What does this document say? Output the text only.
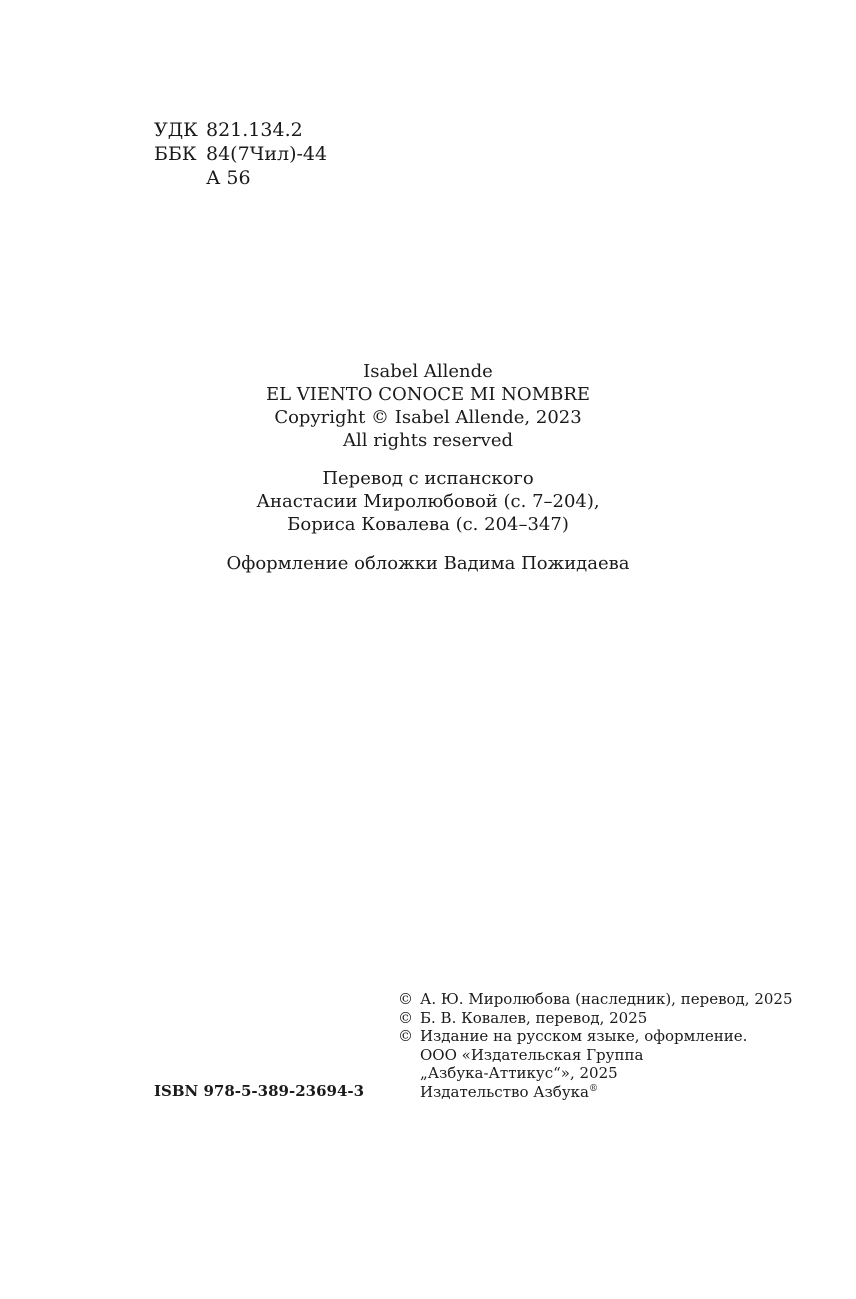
УДК 821.134.2
ББК 84(7Чил)-44
А 56
Isabel Allende
EL VIENTO CONOCE MI NOMBRE
Copyright © Isabel Allende, 2023
All rights reserved
Перевод с испанского
Анастасии Миролюбовой (с. 7–204),
Бориса Ковалева (с. 204–347)
Оформление обложки Вадима Пожидаева
© А. Ю. Миролюбова (наследник), перевод, 2025
© Б. В. Ковалев, перевод, 2025
© Издание на русском языке, оформление.
ООО «Издательская Группа
„Азбука-Аттикус“», 2025
Издательство Азбука®
ISBN 978-5-389-23694-3
